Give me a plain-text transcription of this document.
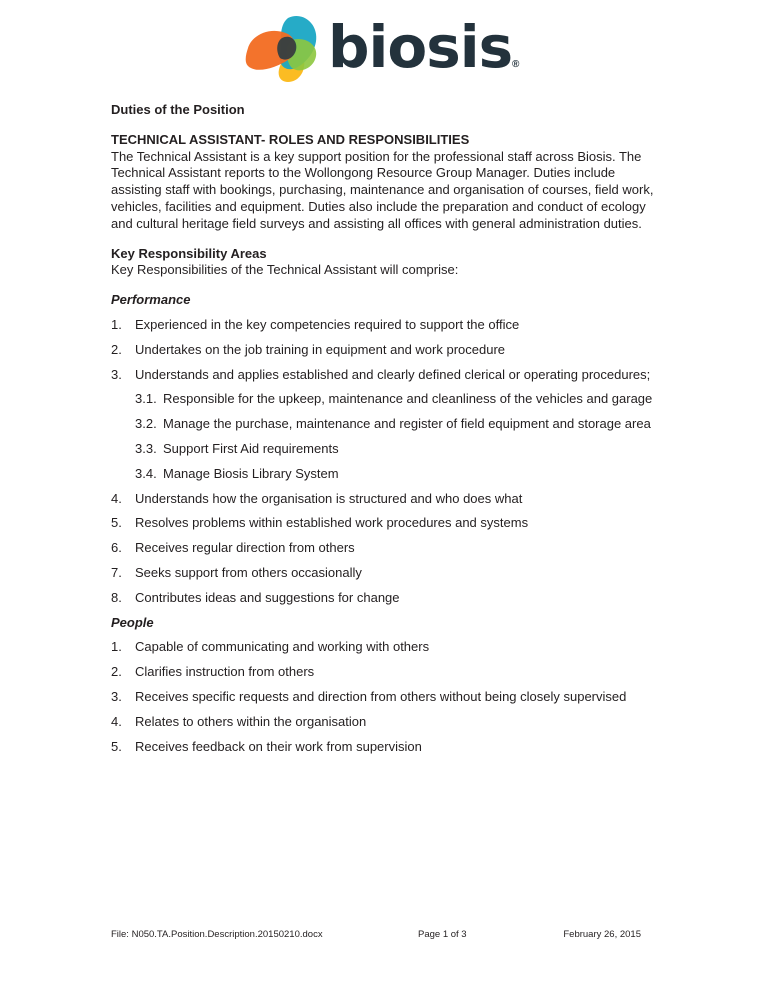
biosis ®

Duties of the Position

TECHNICAL ASSISTANT- ROLES AND RESPONSIBILITIES

The Technical Assistant is a key support position for the professional staff across Biosis. The Technical Assistant reports to the Wollongong Resource Group Manager. Duties include assisting staff with bookings, purchasing, maintenance and organisation of courses, field work, vehicles, facilities and equipment. Duties also include the preparation and conduct of ecology and cultural heritage field surveys and assisting all offices with general administration duties.

Key Responsibility Areas

Key Responsibilities of the Technical Assistant will comprise:

Performance

1. Experienced in the key competencies required to support the office
2. Undertakes on the job training in equipment and work procedure
3. Understands and applies established and clearly defined clerical or operating procedures;
3.1. Responsible for the upkeep, maintenance and cleanliness of the vehicles and garage
3.2. Manage the purchase, maintenance and register of field equipment and storage area
3.3. Support First Aid requirements
3.4. Manage Biosis Library System
4. Understands how the organisation is structured and who does what
5. Resolves problems within established work procedures and systems
6. Receives regular direction from others
7. Seeks support from others occasionally
8. Contributes ideas and suggestions for change

People

1. Capable of communicating and working with others
2. Clarifies instruction from others
3. Receives specific requests and direction from others without being closely supervised
4. Relates to others within the organisation
5. Receives feedback on their work from supervision
File: N050.TA.Position.Description.20150210.docx	Page 1 of 3	February 26, 2015
